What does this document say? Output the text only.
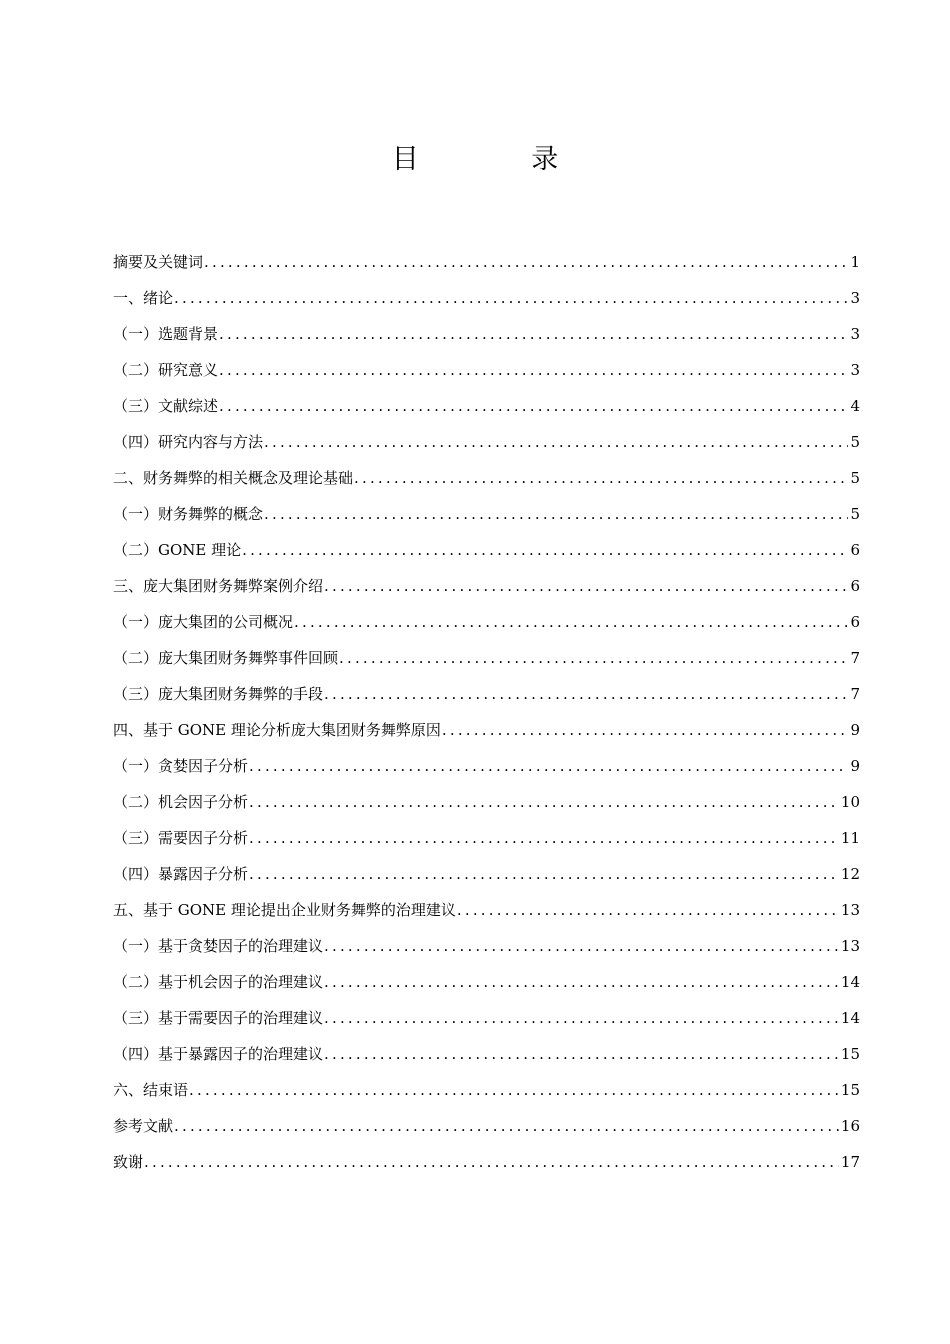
目 录
摘要及关键词 .....	1
一、绪论 .....	3
（一）选题背景 .....	3
（二）研究意义 .....	3
（三）文献综述 .....	4
（四）研究内容与方法 .....	5
二、财务舞弊的相关概念及理论基础 .....	5
（一）财务舞弊的概念 .....	5
（二）GONE 理论 .....	6
三、庞大集团财务舞弊案例介绍 .....	6
（一）庞大集团的公司概况 .....	6
（二）庞大集团财务舞弊事件回顾 .....	7
（三）庞大集团财务舞弊的手段 .....	7
四、基于 GONE 理论分析庞大集团财务舞弊原因 .....	9
（一）贪婪因子分析 .....	9
（二）机会因子分析 .....	10
（三）需要因子分析 .....	11
（四）暴露因子分析 .....	12
五、基于 GONE 理论提出企业财务舞弊的治理建议 .....	13
（一）基于贪婪因子的治理建议 .....	13
（二）基于机会因子的治理建议 .....	14
（三）基于需要因子的治理建议 .....	14
（四）基于暴露因子的治理建议 .....	15
六、结束语 .....	15
参考文献 .....	16
致谢 .....	17
